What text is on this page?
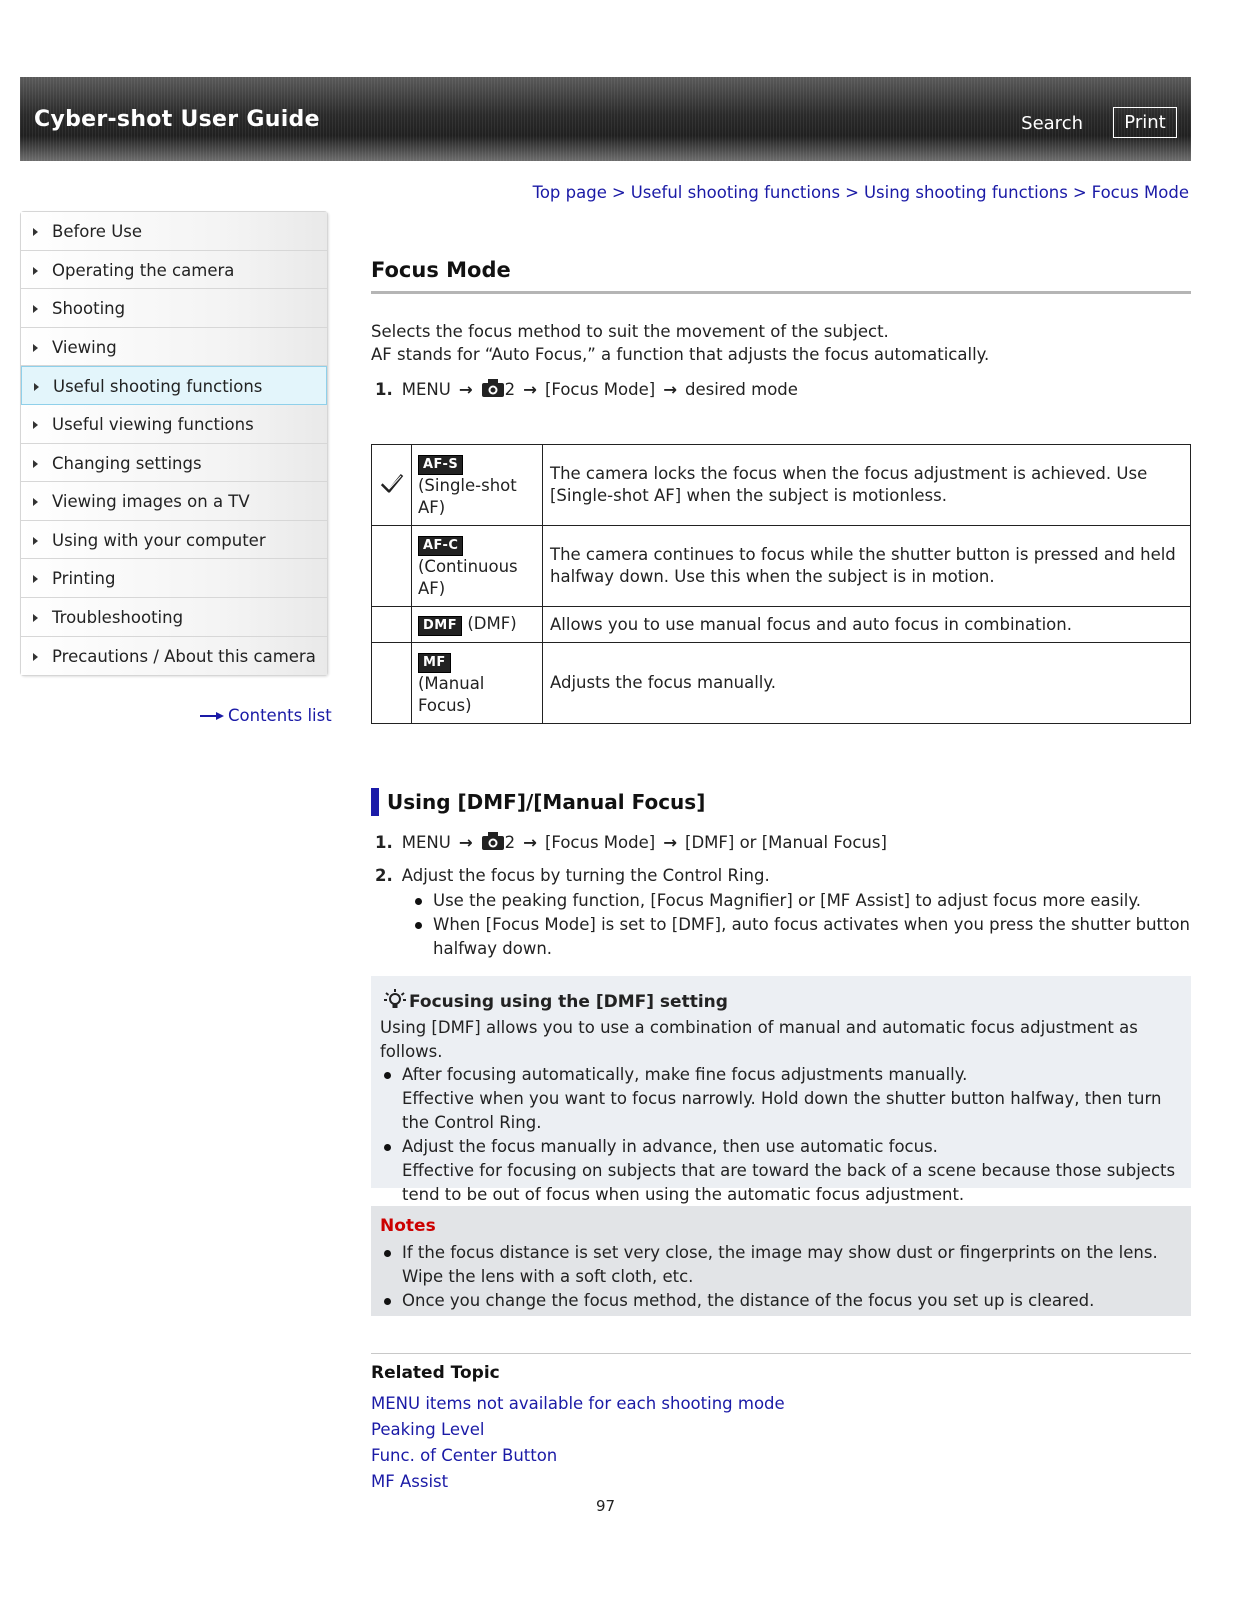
Cyber-shot User Guide	Search	Print
Top page > Useful shooting functions > Using shooting functions > Focus Mode
Before Use
Operating the camera
Shooting
Viewing
Useful shooting functions
Useful viewing functions
Changing settings
Viewing images on a TV
Using with your computer
Printing
Troubleshooting
Precautions / About this camera
Contents list
Focus Mode
Selects the focus method to suit the movement of the subject.
AF stands for “Auto Focus,” a function that adjusts the focus automatically.
1. MENU → 2 → [Focus Mode] → desired mode
	AF-S
(Single-shot AF)	The camera locks the focus when the focus adjustment is achieved. Use [Single-shot AF] when the subject is motionless.
	AF-C
(Continuous AF)	The camera continues to focus while the shutter button is pressed and held halfway down. Use this when the subject is in motion.
	DMF (DMF)	Allows you to use manual focus and auto focus in combination.
	MF
(Manual Focus)	Adjusts the focus manually.
Using [DMF]/[Manual Focus]
1. MENU → 2 → [Focus Mode] → [DMF] or [Manual Focus]
2. Adjust the focus by turning the Control Ring.
Use the peaking function, [Focus Magnifier] or [MF Assist] to adjust focus more easily.
When [Focus Mode] is set to [DMF], auto focus activates when you press the shutter button halfway down.
Focusing using the [DMF] setting
Using [DMF] allows you to use a combination of manual and automatic focus adjustment as follows.
After focusing automatically, make fine focus adjustments manually.
Effective when you want to focus narrowly. Hold down the shutter button halfway, then turn the Control Ring.
Adjust the focus manually in advance, then use automatic focus.
Effective for focusing on subjects that are toward the back of a scene because those subjects tend to be out of focus when using the automatic focus adjustment.
Notes
If the focus distance is set very close, the image may show dust or fingerprints on the lens. Wipe the lens with a soft cloth, etc.
Once you change the focus method, the distance of the focus you set up is cleared.
Related Topic
MENU items not available for each shooting mode
Peaking Level
Func. of Center Button
MF Assist
97
